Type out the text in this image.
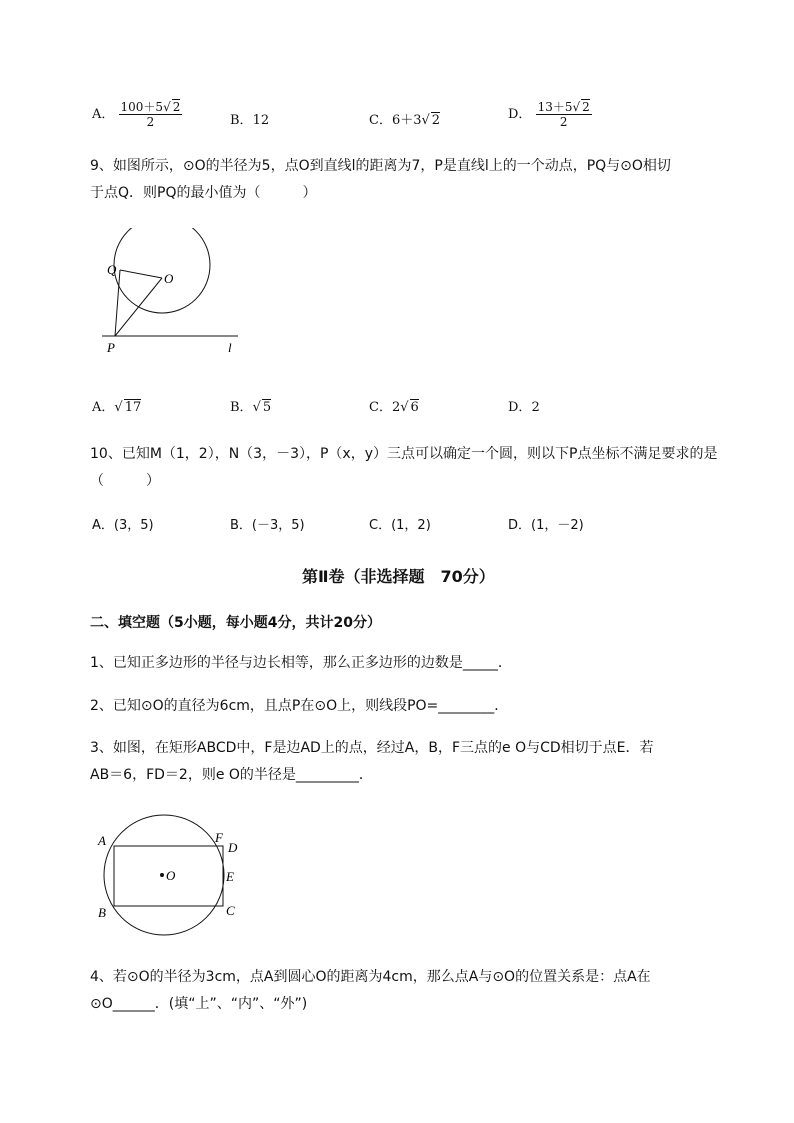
A． $\frac{100+5√ 2}{2}$	B．12	C．6＋3√ 2	D． $\frac{13+5√ 2}{2}$
9、如图所示，⊙O的半径为5，点O到直线l的距离为7，P是直线l上的一个动点，PQ与⊙O相切
于点Q．则PQ的最小值为（　　　）
Q
O
P	l
A．√ 17	B．√ 5	C．2√ 6	D．2
10、已知M（1，2），N（3，－3），P（x，y）三点可以确定一个圆，则以下P点坐标不满足要求的是
（　　　）
A．(3，5)	B．(－3，5)	C．(1，2)	D．(1，－2)
第Ⅱ卷（非选择题　70分）
二、填空题（5小题，每小题4分，共计20分）
1、已知正多边形的半径与边长相等，那么正多边形的边数是_____．
2、已知⊙O的直径为6cm，且点P在⊙O上，则线段PO=________．
3、如图，在矩形ABCD中，F是边AD上的点，经过A，B，F三点的e O与CD相切于点E．若
AB＝6，FD＝2，则e O的半径是_________．
A
B	C
D
E
F
O
4、若⊙O的半径为3cm，点A到圆心O的距离为4cm，那么点A与⊙O的位置关系是：点A在
⊙O______．(填“上”、“内”、“外”)
